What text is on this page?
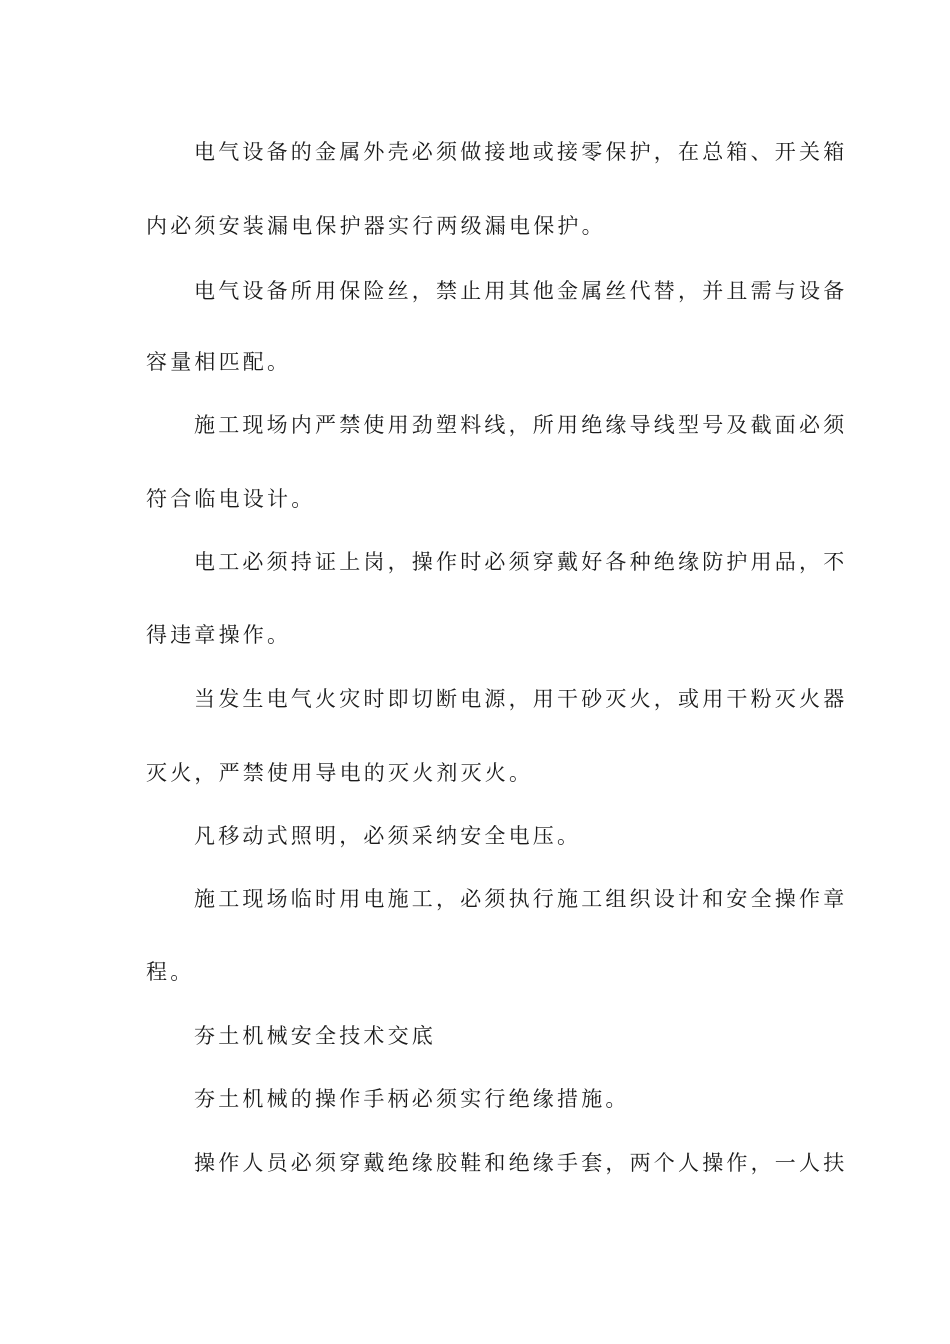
电气设备的金属外壳必须做接地或接零保护，在总箱、开关箱
内必须安装漏电保护器实行两级漏电保护。
电气设备所用保险丝，禁止用其他金属丝代替，并且需与设备
容量相匹配。
施工现场内严禁使用劲塑料线，所用绝缘导线型号及截面必须
符合临电设计。
电工必须持证上岗，操作时必须穿戴好各种绝缘防护用品，不
得违章操作。
当发生电气火灾时即切断电源，用干砂灭火，或用干粉灭火器
灭火，严禁使用导电的灭火剂灭火。
凡移动式照明，必须采纳安全电压。
施工现场临时用电施工，必须执行施工组织设计和安全操作章
程。
夯土机械安全技术交底
夯土机械的操作手柄必须实行绝缘措施。
操作人员必须穿戴绝缘胶鞋和绝缘手套，两个人操作，一人扶
